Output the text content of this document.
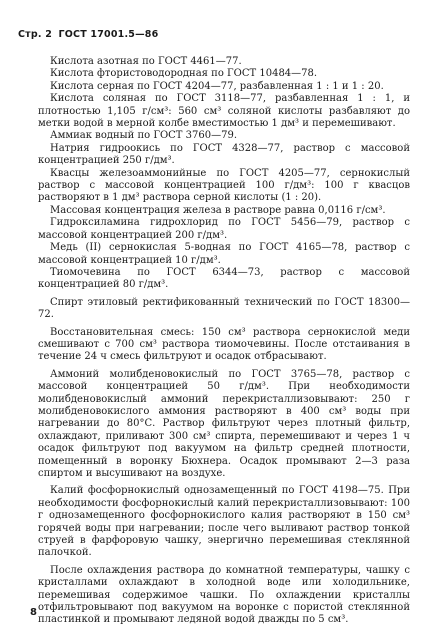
Стр. 2 ГОСТ 17001.5—86

Кислота азотная по ГОСТ 4461—77.

Кислота фтористоводородная по ГОСТ 10484—78.

Кислота серная по ГОСТ 4204—77, разбавленная 1 : 1 и 1 : 20.

Кислота соляная по ГОСТ 3118—77, разбавленная 1 : 1, и плотностью 1,105 г/см³: 560 см³ соляной кислоты разбавляют до метки водой в мерной колбе вместимостью 1 дм³ и перемешивают.

Аммиак водный по ГОСТ 3760—79.

Натрия гидроокись по ГОСТ 4328—77, раствор с массовой концентрацией 250 г/дм³.

Квасцы железоаммонийные по ГОСТ 4205—77, сернокислый раствор с массовой концентрацией 100 г/дм³: 100 г квасцов растворяют в 1 дм³ раствора серной кислоты (1 : 20).

Массовая концентрация железа в растворе равна 0,0116 г/см³.

Гидроксиламина гидрохлорид по ГОСТ 5456—79, раствор с массовой концентрацией 200 г/дм³.

Медь (II) сернокислая 5-водная по ГОСТ 4165—78, раствор с массовой концентрацией 10 г/дм³.

Тиомочевина по ГОСТ 6344—73, раствор с массовой концентрацией 80 г/дм³.

Спирт этиловый ректификованный технический по ГОСТ 18300—72.

Восстановительная смесь: 150 см³ раствора сернокислой меди смешивают с 700 см³ раствора тиомочевины. После отстаивания в течение 24 ч смесь фильтруют и осадок отбрасывают.

Аммоний молибденовокислый по ГОСТ 3765—78, раствор с массовой концентрацией 50 г/дм³. При необходимости молибденовокислый аммоний перекристаллизовывают: 250 г молибденовокислого аммония растворяют в 400 см³ воды при нагревании до 80°С. Раствор фильтруют через плотный фильтр, охлаждают, приливают 300 см³ спирта, перемешивают и через 1 ч осадок фильтруют под вакуумом на фильтр средней плотности, помещенный в воронку Бюхнера. Осадок промывают 2—3 раза спиртом и высушивают на воздухе.

Калий фосфорнокислый однозамещенный по ГОСТ 4198—75. При необходимости фосфорнокислый калий перекристаллизовывают: 100 г однозамещенного фосфорнокислого калия растворяют в 150 см³ горячей воды при нагревании; после чего выливают раствор тонкой струей в фарфоровую чашку, энергично перемешивая стеклянной палочкой.

После охлаждения раствора до комнатной температуры, чашку с кристаллами охлаждают в холодной воде или холодильнике, перемешивая содержимое чашки. По охлаждении кристаллы отфильтровывают под вакуумом на воронке с пористой стеклянной пластинкой и промывают ледяной водой дважды по 5 см³.

8
